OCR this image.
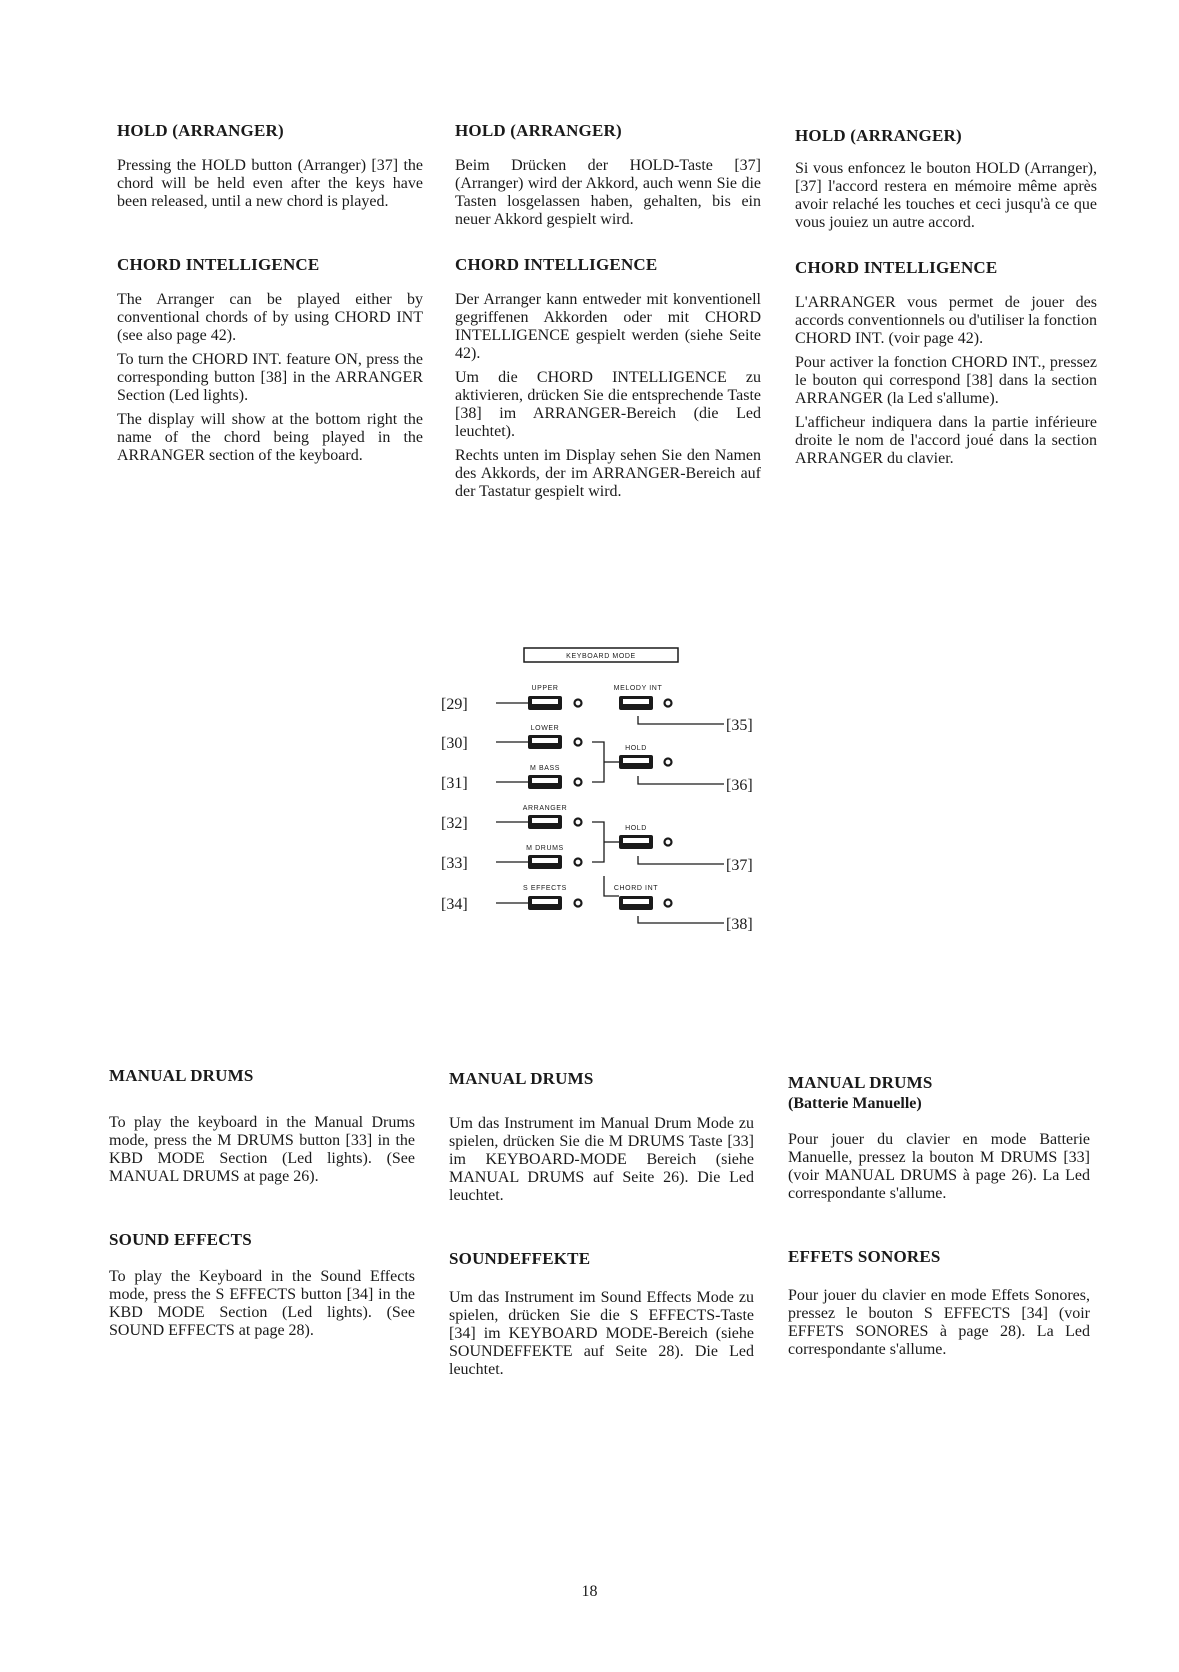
HOLD (ARRANGER)

Pressing the HOLD button (Arranger) [37] the chord will be held even after the keys have been released, until a new chord is played.

CHORD INTELLIGENCE

The Arranger can be played either by conventional chords of by using CHORD INT (see also page 42).

To turn the CHORD INT. feature ON, press the corresponding button [38] in the ARRANGER Section (Led lights).

The display will show at the bottom right the name of the chord being played in the ARRANGER section of the keyboard.

HOLD (ARRANGER)

Beim Drücken der HOLD-Taste [37] (Arranger) wird der Akkord, auch wenn Sie die Tasten losgelassen haben, gehalten, bis ein neuer Akkord gespielt wird.

CHORD INTELLIGENCE

Der Arranger kann entweder mit konventionell gegriffenen Akkorden oder mit CHORD INTELLIGENCE gespielt werden (siehe Seite 42).

Um die CHORD INTELLIGENCE zu aktivieren, drücken Sie die entsprechende Taste [38] im ARRANGER-Bereich (die Led leuchtet).

Rechts unten im Display sehen Sie den Namen des Akkords, der im ARRANGER-Bereich auf der Tastatur gespielt wird.

HOLD (ARRANGER)

Si vous enfoncez le bouton HOLD (Arranger), [37] l'accord restera en mémoire même après avoir relaché les touches et ceci jusqu'à ce que vous jouiez un autre accord.

CHORD INTELLIGENCE

L'ARRANGER vous permet de jouer des accords conventionnels ou d'utiliser la fonction CHORD INT. (voir page 42).

Pour activer la fonction CHORD INT., pressez le bouton qui correspond [38] dans la section ARRANGER (la Led s'allume).

L'afficheur indiquera dans la partie inférieure droite le nom de l'accord joué dans la section ARRANGER du clavier.

KEYBOARD MODE
UPPER	MELODY INT
LOWER
HOLD
M BASS
ARRANGER
HOLD
M DRUMS
S EFFECTS	CHORD INT
[29]
[30]
[31]
[32]
[33]
[34]
[35]
[36]
[37]
[38]

MANUAL DRUMS

To play the keyboard in the Manual Drums mode, press the M DRUMS button [33] in the KBD MODE Section (Led lights). (See MANUAL DRUMS at page 26).

SOUND EFFECTS

To play the Keyboard in the Sound Effects mode, press the S EFFECTS button [34] in the KBD MODE Section (Led lights). (See SOUND EFFECTS at page 28).

MANUAL DRUMS

Um das Instrument im Manual Drum Mode zu spielen, drücken Sie die M DRUMS Taste [33] im KEYBOARD-MODE Bereich (siehe MANUAL DRUMS auf Seite 26). Die Led leuchtet.

SOUNDEFFEKTE

Um das Instrument im Sound Effects Mode zu spielen, drücken Sie die S EFFECTS-Taste [34] im KEYBOARD MODE-Bereich (siehe SOUNDEFFEKTE auf Seite 28). Die Led leuchtet.

MANUAL DRUMS

(Batterie Manuelle)

Pour jouer du clavier en mode Batterie Manuelle, pressez la bouton M DRUMS [33] (voir MANUAL DRUMS à page 26). La Led correspondante s'allume.

EFFETS SONORES

Pour jouer du clavier en mode Effets Sonores, pressez le bouton S EFFECTS [34] (voir EFFETS SONORES à page 28). La Led correspondante s'allume.

18
